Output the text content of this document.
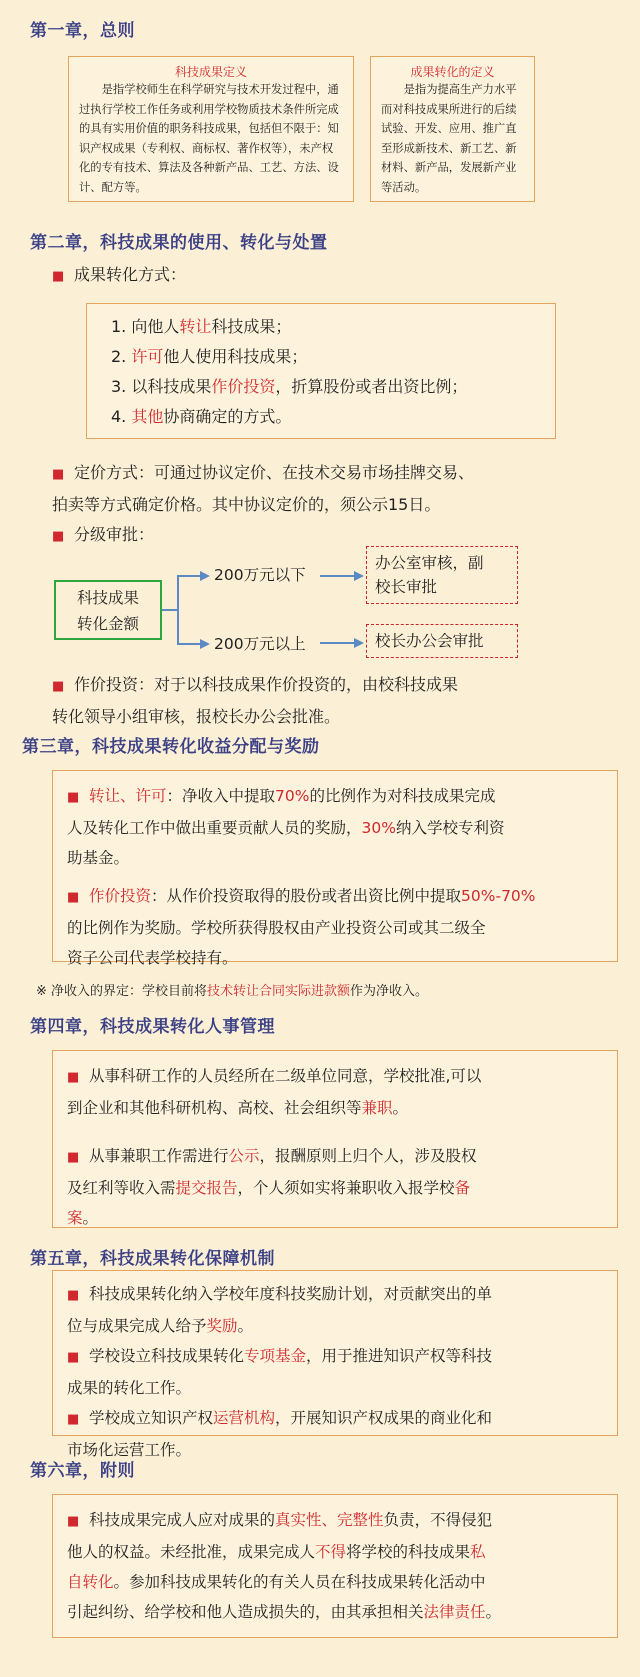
第一章，总则
科技成果定义
是指学校师生在科学研究与技术开发过程中，通过执行学校工作任务或利用学校物质技术条件所完成的具有实用价值的职务科技成果，包括但不限于：知识产权成果（专利权、商标权、著作权等），未产权化的专有技术、算法及各种新产品、工艺、方法、设计、配方等。
成果转化的定义
是指为提高生产力水平而对科技成果所进行的后续试验、开发、应用、推广直至形成新技术、新工艺、新材料、新产品，发展新产业等活动。
第二章，科技成果的使用、转化与处置
■ 成果转化方式：
1. 向他人转让科技成果；
2. 许可他人使用科技成果；
3. 以科技成果作价投资，折算股份或者出资比例；
4. 其他协商确定的方式。
■ 定价方式：可通过协议定价、在技术交易市场挂牌交易、
拍卖等方式确定价格。其中协议定价的，须公示15日。
■ 分级审批：
科技成果
转化金额
200万元以下
200万元以上
办公室审核，副
校长审批
校长办公会审批
■ 作价投资：对于以科技成果作价投资的，由校科技成果
转化领导小组审核，报校长办公会批准。
第三章，科技成果转化收益分配与奖励
■ 转让、许可：净收入中提取70%的比例作为对科技成果完成
人及转化工作中做出重要贡献人员的奖励，30%纳入学校专利资
助基金。
■ 作价投资：从作价投资取得的股份或者出资比例中提取50%-70%
的比例作为奖励。学校所获得股权由产业投资公司或其二级全
资子公司代表学校持有。
※ 净收入的界定：学校目前将技术转让合同实际进款额作为净收入。
第四章，科技成果转化人事管理
■ 从事科研工作的人员经所在二级单位同意，学校批准,可以
到企业和其他科研机构、高校、社会组织等兼职。
■ 从事兼职工作需进行公示，报酬原则上归个人，涉及股权
及红利等收入需提交报告，个人须如实将兼职收入报学校备
案。
第五章，科技成果转化保障机制
■ 科技成果转化纳入学校年度科技奖励计划，对贡献突出的单
位与成果完成人给予奖励。
■ 学校设立科技成果转化专项基金，用于推进知识产权等科技
成果的转化工作。
■ 学校成立知识产权运营机构，开展知识产权成果的商业化和
市场化运营工作。
第六章，附则
■ 科技成果完成人应对成果的真实性、完整性负责，不得侵犯
他人的权益。未经批准，成果完成人不得将学校的科技成果私
自转化。参加科技成果转化的有关人员在科技成果转化活动中
引起纠纷、给学校和他人造成损失的，由其承担相关法律责任。
